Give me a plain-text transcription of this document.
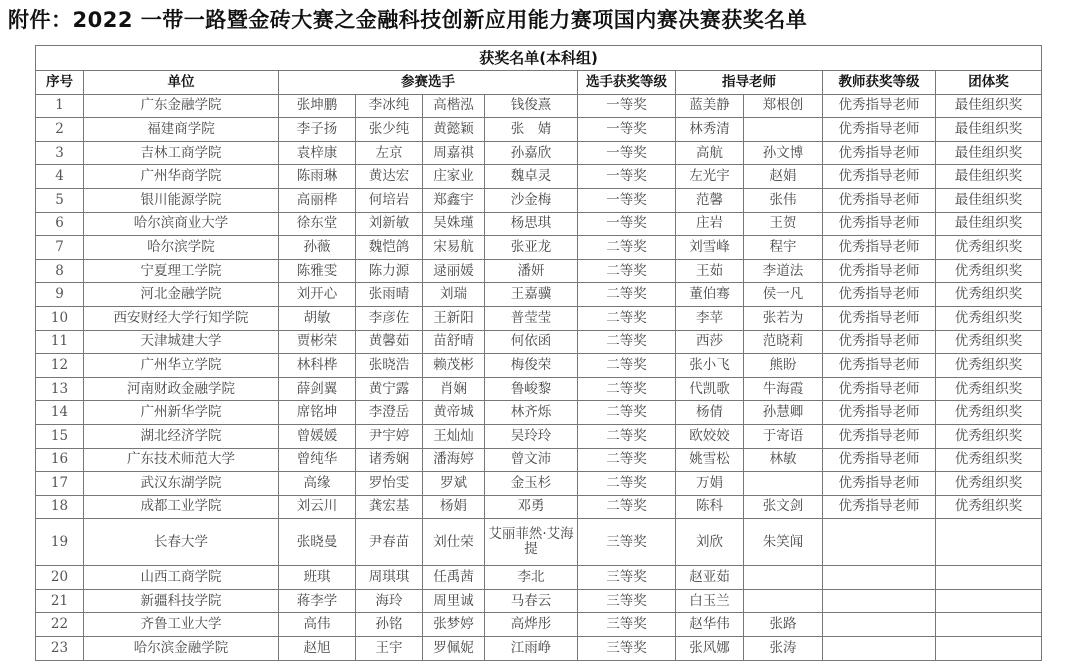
附件：2022 一带一路暨金砖大赛之金融科技创新应用能力赛项国内赛决赛获奖名单
获奖名单(本科组)										
序号	单位	参赛选手				选手获奖等级	指导老师		教师获奖等级	团体奖
1	广东金融学院	张坤鹏	李冰纯	高楷泓	钱俊熹	一等奖	蓝美静	郑根创	优秀指导老师	最佳组织奖
2	福建商学院	李子扬	张少纯	黄懿颖	张　婧	一等奖	林秀清		优秀指导老师	最佳组织奖
3	吉林工商学院	袁梓康	左京	周嘉祺	孙嘉欣	一等奖	高航	孙文博	优秀指导老师	最佳组织奖
4	广州华商学院	陈雨琳	黄达宏	庄家业	魏卓灵	一等奖	左光宇	赵娟	优秀指导老师	最佳组织奖
5	银川能源学院	高丽桦	何培岩	郑鑫宇	沙金梅	一等奖	范馨	张伟	优秀指导老师	最佳组织奖
6	哈尔滨商业大学	徐东堂	刘新敏	吴姝瑾	杨思琪	一等奖	庄岩	王贺	优秀指导老师	最佳组织奖
7	哈尔滨学院	孙薇	魏恺鸽	宋易航	张亚龙	二等奖	刘雪峰	程宇	优秀指导老师	优秀组织奖
8	宁夏理工学院	陈雅雯	陈力源	逯丽媛	潘妍	二等奖	王茹	李道法	优秀指导老师	优秀组织奖
9	河北金融学院	刘开心	张雨晴	刘瑞	王嘉骥	二等奖	董伯骞	侯一凡	优秀指导老师	优秀组织奖
10	西安财经大学行知学院	胡敏	李彦佐	王新阳	普莹莹	二等奖	李苹	张若为	优秀指导老师	优秀组织奖
11	天津城建大学	贾彬荣	黄馨茹	苗舒晴	何依函	二等奖	西莎	范晓莉	优秀指导老师	优秀组织奖
12	广州华立学院	林科桦	张晓浩	赖茂彬	梅俊荣	二等奖	张小飞	熊盼	优秀指导老师	优秀组织奖
13	河南财政金融学院	薛剑翼	黄宁露	肖娴	鲁峻黎	二等奖	代凯歌	牛海霞	优秀指导老师	优秀组织奖
14	广州新华学院	席铭坤	李澄岳	黄帝城	林齐烁	二等奖	杨倩	孙慧卿	优秀指导老师	优秀组织奖
15	湖北经济学院	曾媛媛	尹宇婷	王灿灿	吴玲玲	二等奖	欧姣姣	于寄语	优秀指导老师	优秀组织奖
16	广东技术师范大学	曾纯华	诸秀娴	潘海婷	曾文沛	二等奖	姚雪松	林敏	优秀指导老师	优秀组织奖
17	武汉东湖学院	高缘	罗怡雯	罗斌	金玉杉	二等奖	万娟		优秀指导老师	优秀组织奖
18	成都工业学院	刘云川	龚宏基	杨娟	邓勇	二等奖	陈科	张文剑	优秀指导老师	优秀组织奖
19	长春大学	张晓曼	尹春苗	刘仕荣	艾丽菲然·艾海提	三等奖	刘欣	朱笑闻		
20	山西工商学院	班琪	周琪琪	任禹茜	李北	三等奖	赵亚茹			
21	新疆科技学院	蒋李学	海玲	周里诚	马春云	三等奖	白玉兰			
22	齐鲁工业大学	高伟	孙铭	张梦婷	高烨彤	三等奖	赵华伟	张路		
23	哈尔滨金融学院	赵旭	王宇	罗佩妮	江雨峥	三等奖	张风娜	张涛		
